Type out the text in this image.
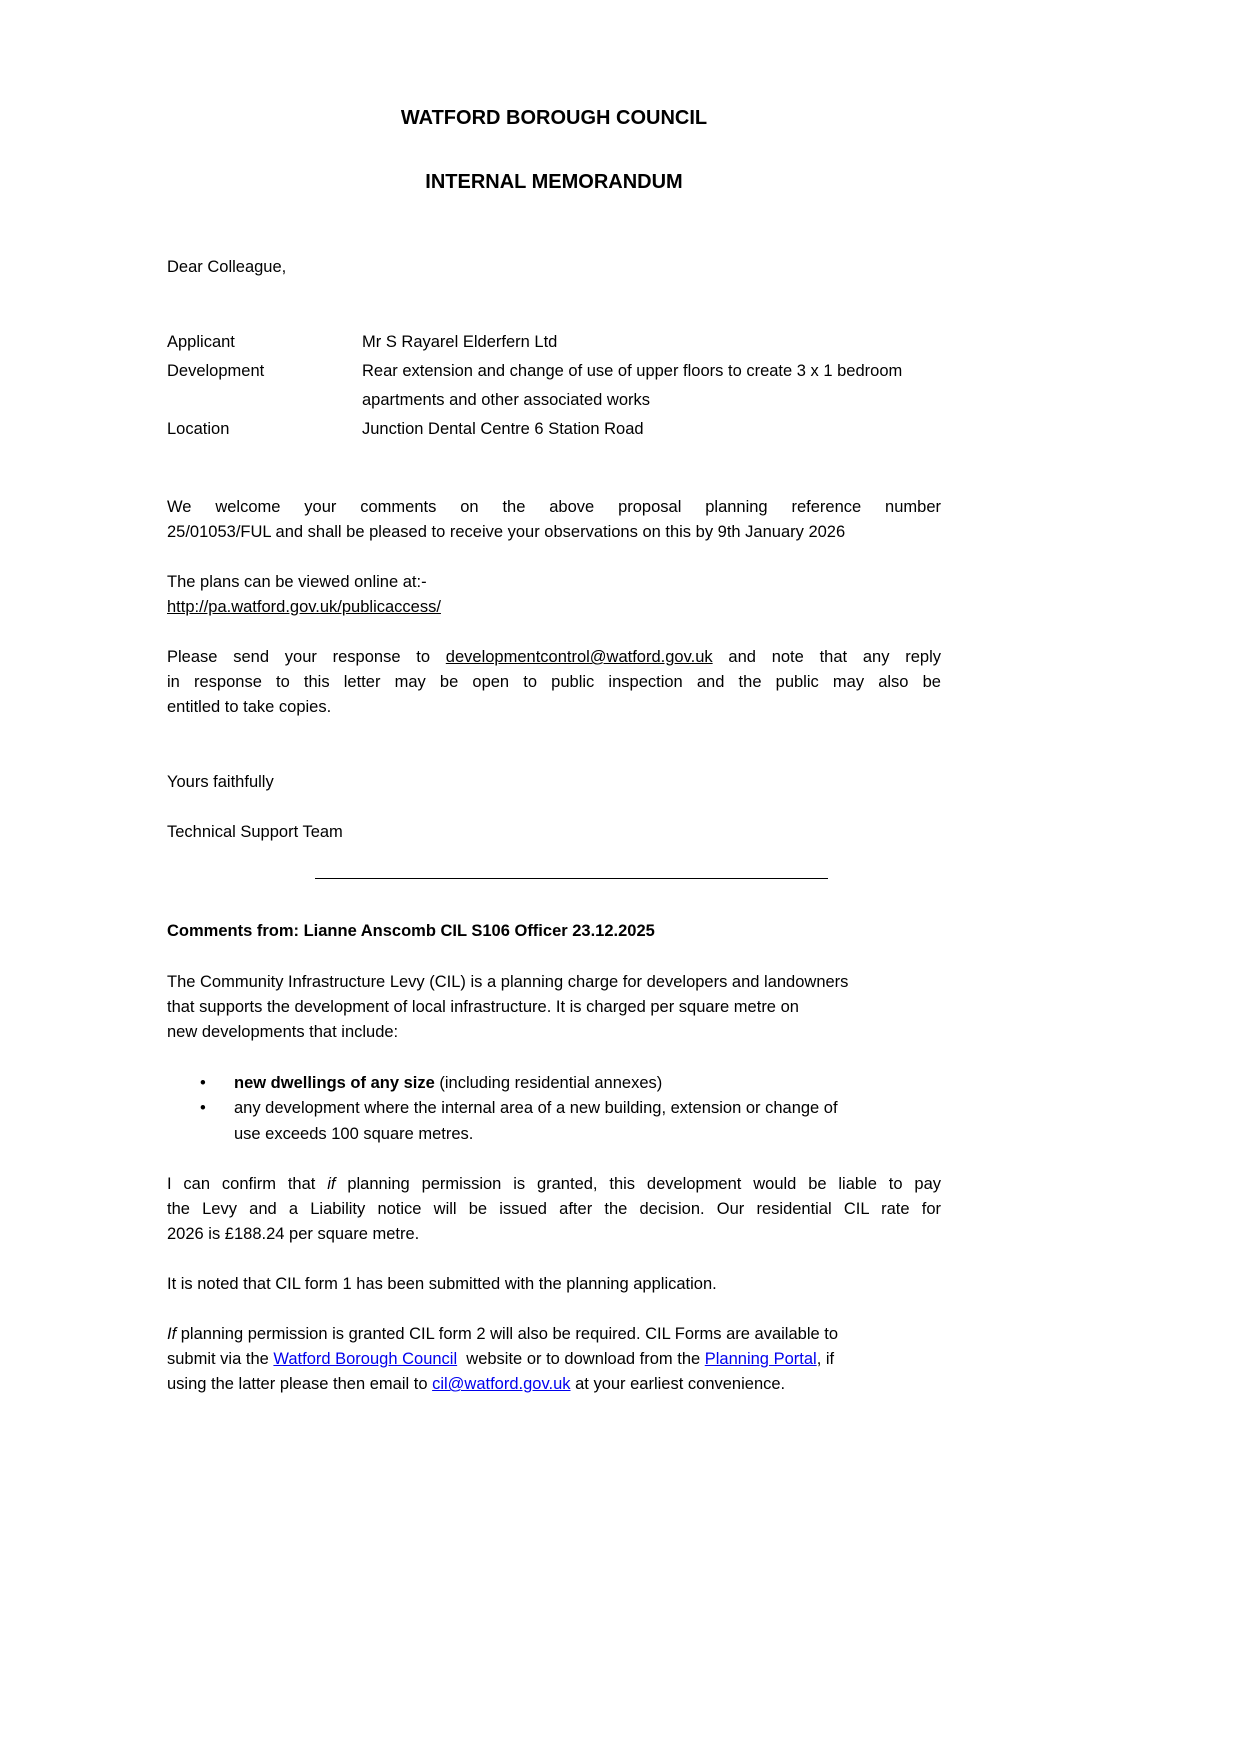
WATFORD BOROUGH COUNCIL
INTERNAL MEMORANDUM
Dear Colleague,
Applicant	Mr S Rayarel Elderfern Ltd
Development	Rear extension and change of use of upper floors to create 3 x 1 bedroom
apartments and other associated works
Location	Junction Dental Centre 6 Station Road
We welcome your comments on the above proposal planning reference number
25/01053/FUL and shall be pleased to receive your observations on this by 9th January 2026
The plans can be viewed online at:-
http://pa.watford.gov.uk/publicaccess/
Please send your response to developmentcontrol@watford.gov.uk and note that any reply
in response to this letter may be open to public inspection and the public may also be
entitled to take copies.
Yours faithfully
Technical Support Team
Comments from: Lianne Anscomb CIL S106 Officer 23.12.2025
The Community Infrastructure Levy (CIL) is a planning charge for developers and landowners
that supports the development of local infrastructure. It is charged per square metre on
new developments that include:
• new dwellings of any size (including residential annexes)
• any development where the internal area of a new building, extension or change of
use exceeds 100 square metres.
I can confirm that if planning permission is granted, this development would be liable to pay
the Levy and a Liability notice will be issued after the decision. Our residential CIL rate for
2026 is £188.24 per square metre.
It is noted that CIL form 1 has been submitted with the planning application.
If planning permission is granted CIL form 2 will also be required. CIL Forms are available to
submit via the Watford Borough Council  website or to download from the Planning Portal, if
using the latter please then email to cil@watford.gov.uk at your earliest convenience.
